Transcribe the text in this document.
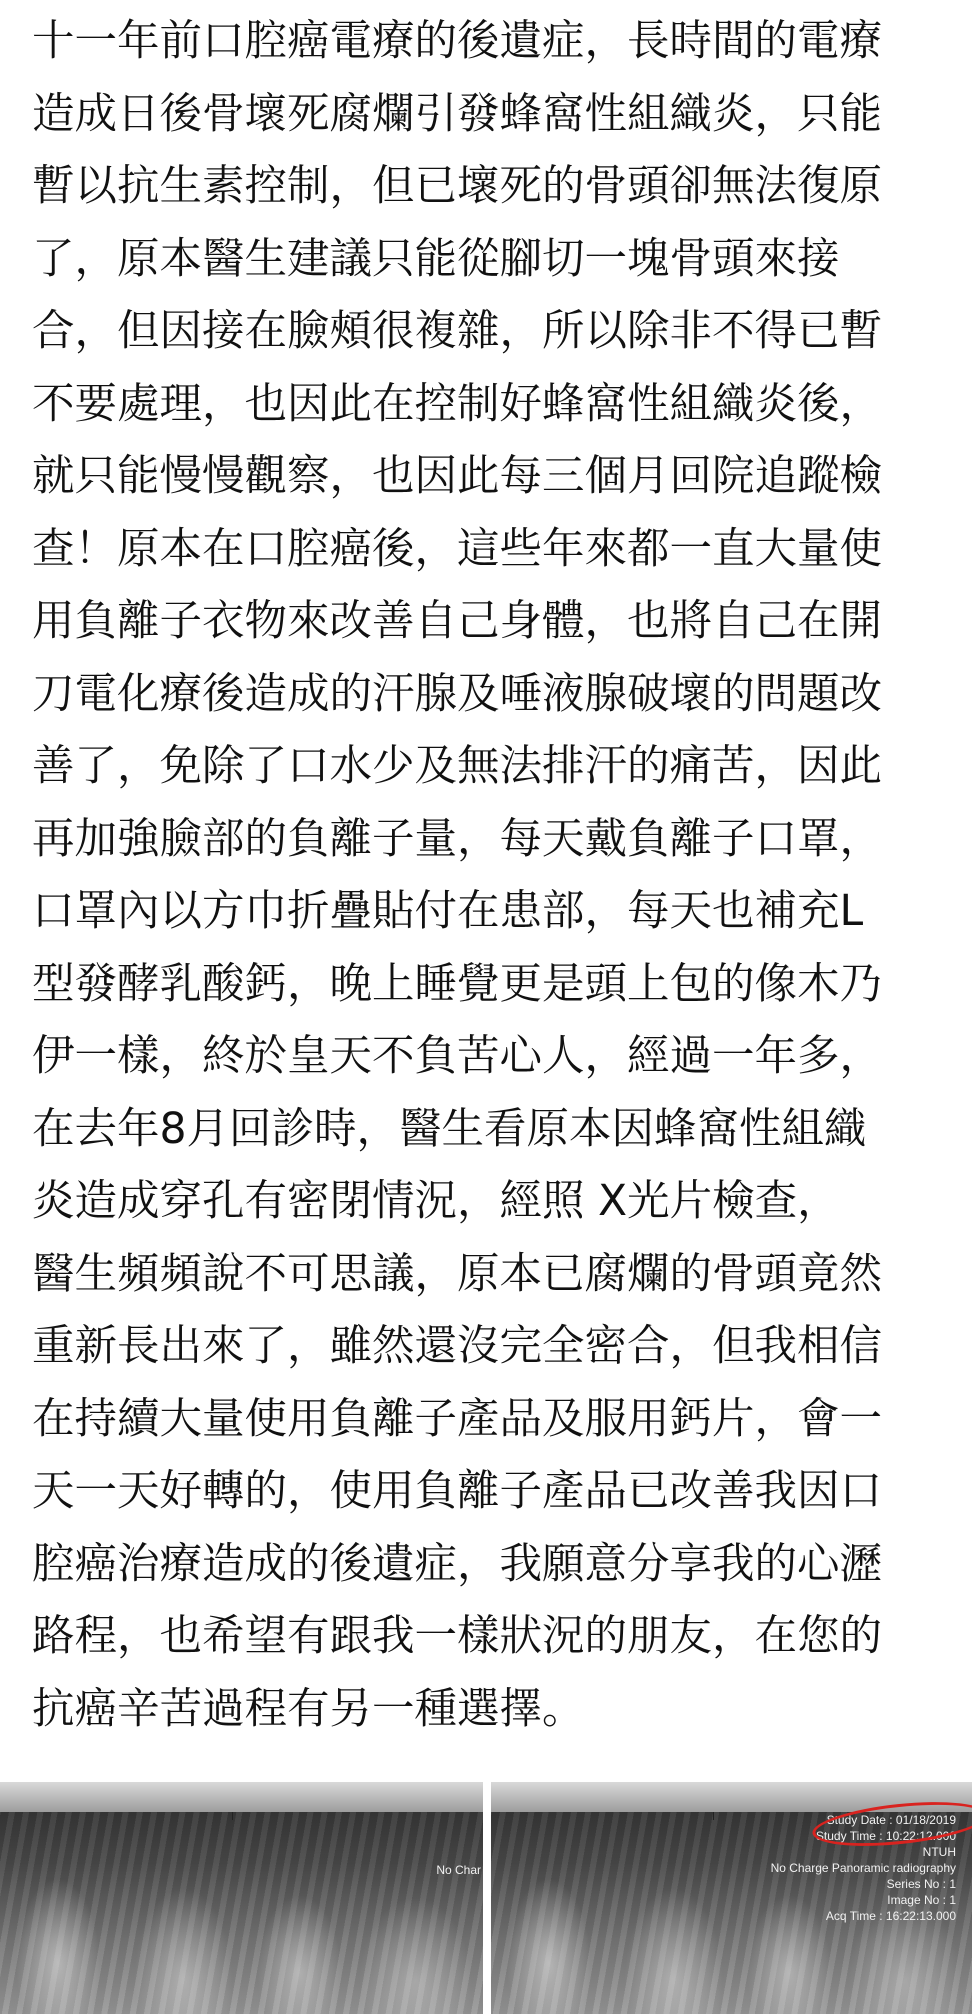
十一年前口腔癌電療的後遺症，長時間的電療
造成日後骨壞死腐爛引發蜂窩性組織炎，只能
暫以抗生素控制，但已壞死的骨頭卻無法復原
了，原本醫生建議只能從腳切一塊骨頭來接
合，但因接在臉頰很複雜，所以除非不得已暫
不要處理，也因此在控制好蜂窩性組織炎後，
就只能慢慢觀察，也因此每三個月回院追蹤檢
查！原本在口腔癌後，這些年來都一直大量使
用負離子衣物來改善自己身體，也將自己在開
刀電化療後造成的汗腺及唾液腺破壞的問題改
善了，免除了口水少及無法排汗的痛苦，因此
再加強臉部的負離子量，每天戴負離子口罩，
口罩內以方巾折疊貼付在患部，每天也補充L
型發酵乳酸鈣，晚上睡覺更是頭上包的像木乃
伊一樣，終於皇天不負苦心人，經過一年多，
在去年8月回診時，醫生看原本因蜂窩性組織
炎造成穿孔有密閉情況，經照 X光片檢查，
醫生頻頻說不可思議，原本已腐爛的骨頭竟然
重新長出來了，雖然還沒完全密合，但我相信
在持續大量使用負離子產品及服用鈣片，會一
天一天好轉的，使用負離子產品已改善我因口
腔癌治療造成的後遺症，我願意分享我的心瀝
路程，也希望有跟我一樣狀況的朋友，在您的
抗癌辛苦過程有另一種選擇。
No Char
Study Date : 01/18/2019
Study Time : 10:22:12.000
NTUH
No Charge Panoramic radiography
Series No : 1
Image No : 1
Acq Time : 16:22:13.000
